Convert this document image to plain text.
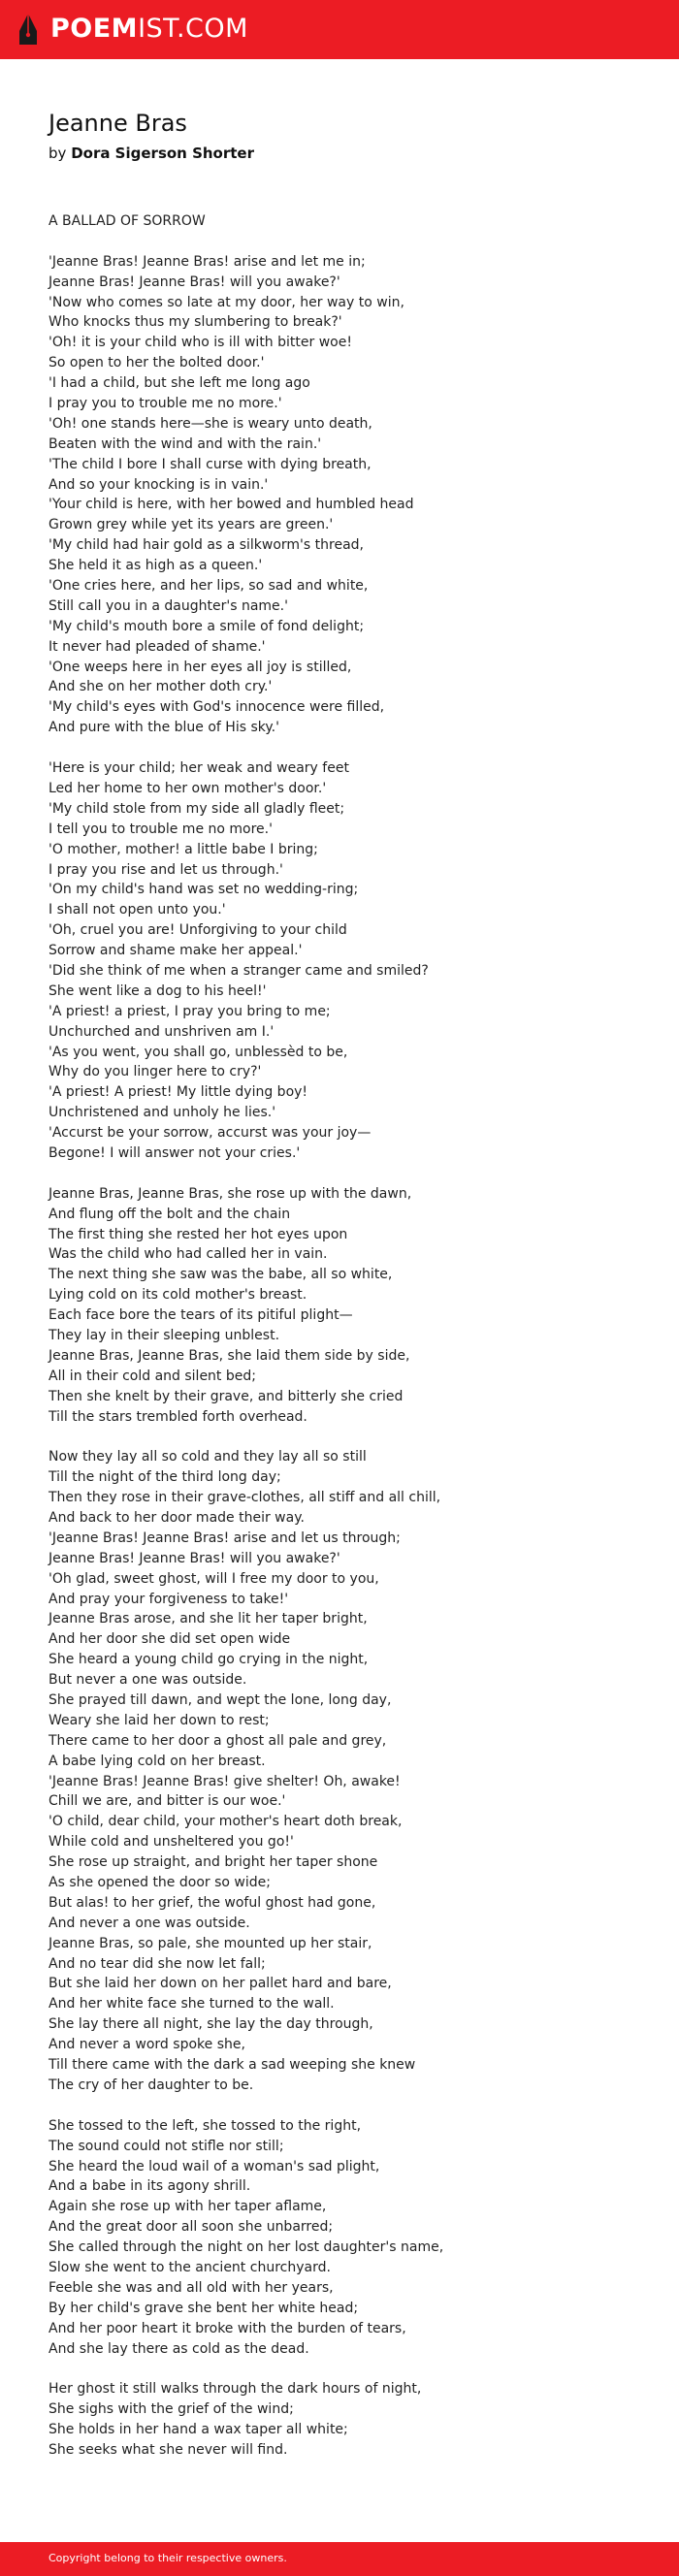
POEMIST.COM
Jeanne Bras
by Dora Sigerson Shorter
A BALLAD OF SORROW
'Jeanne Bras! Jeanne Bras! arise and let me in;
Jeanne Bras! Jeanne Bras! will you awake?'
'Now who comes so late at my door, her way to win,
Who knocks thus my slumbering to break?'
'Oh! it is your child who is ill with bitter woe!
So open to her the bolted door.'
'I had a child, but she left me long ago
I pray you to trouble me no more.'
'Oh! one stands here—she is weary unto death,
Beaten with the wind and with the rain.'
'The child I bore I shall curse with dying breath,
And so your knocking is in vain.'
'Your child is here, with her bowed and humbled head
Grown grey while yet its years are green.'
'My child had hair gold as a silkworm's thread,
She held it as high as a queen.'
'One cries here, and her lips, so sad and white,
Still call you in a daughter's name.'
'My child's mouth bore a smile of fond delight;
It never had pleaded of shame.'
'One weeps here in her eyes all joy is stilled,
And she on her mother doth cry.'
'My child's eyes with God's innocence were filled,
And pure with the blue of His sky.'
'Here is your child; her weak and weary feet
Led her home to her own mother's door.'
'My child stole from my side all gladly fleet;
I tell you to trouble me no more.'
'O mother, mother! a little babe I bring;
I pray you rise and let us through.'
'On my child's hand was set no wedding-ring;
I shall not open unto you.'
'Oh, cruel you are! Unforgiving to your child
Sorrow and shame make her appeal.'
'Did she think of me when a stranger came and smiled?
She went like a dog to his heel!'
'A priest! a priest, I pray you bring to me;
Unchurched and unshriven am I.'
'As you went, you shall go, unblessèd to be,
Why do you linger here to cry?'
'A priest! A priest! My little dying boy!
Unchristened and unholy he lies.'
'Accurst be your sorrow, accurst was your joy—
Begone! I will answer not your cries.'
Jeanne Bras, Jeanne Bras, she rose up with the dawn,
And flung off the bolt and the chain
The first thing she rested her hot eyes upon
Was the child who had called her in vain.
The next thing she saw was the babe, all so white,
Lying cold on its cold mother's breast.
Each face bore the tears of its pitiful plight—
They lay in their sleeping unblest.
Jeanne Bras, Jeanne Bras, she laid them side by side,
All in their cold and silent bed;
Then she knelt by their grave, and bitterly she cried
Till the stars trembled forth overhead.
Now they lay all so cold and they lay all so still
Till the night of the third long day;
Then they rose in their grave-clothes, all stiff and all chill,
And back to her door made their way.
'Jeanne Bras! Jeanne Bras! arise and let us through;
Jeanne Bras! Jeanne Bras! will you awake?'
'Oh glad, sweet ghost, will I free my door to you,
And pray your forgiveness to take!'
Jeanne Bras arose, and she lit her taper bright,
And her door she did set open wide
She heard a young child go crying in the night,
But never a one was outside.
She prayed till dawn, and wept the lone, long day,
Weary she laid her down to rest;
There came to her door a ghost all pale and grey,
A babe lying cold on her breast.
'Jeanne Bras! Jeanne Bras! give shelter! Oh, awake!
Chill we are, and bitter is our woe.'
'O child, dear child, your mother's heart doth break,
While cold and unsheltered you go!'
She rose up straight, and bright her taper shone
As she opened the door so wide;
But alas! to her grief, the woful ghost had gone,
And never a one was outside.
Jeanne Bras, so pale, she mounted up her stair,
And no tear did she now let fall;
But she laid her down on her pallet hard and bare,
And her white face she turned to the wall.
She lay there all night, she lay the day through,
And never a word spoke she,
Till there came with the dark a sad weeping she knew
The cry of her daughter to be.
She tossed to the left, she tossed to the right,
The sound could not stifle nor still;
She heard the loud wail of a woman's sad plight,
And a babe in its agony shrill.
Again she rose up with her taper aflame,
And the great door all soon she unbarred;
She called through the night on her lost daughter's name,
Slow she went to the ancient churchyard.
Feeble she was and all old with her years,
By her child's grave she bent her white head;
And her poor heart it broke with the burden of tears,
And she lay there as cold as the dead.
Her ghost it still walks through the dark hours of night,
She sighs with the grief of the wind;
She holds in her hand a wax taper all white;
She seeks what she never will find.
Copyright belong to their respective owners.
